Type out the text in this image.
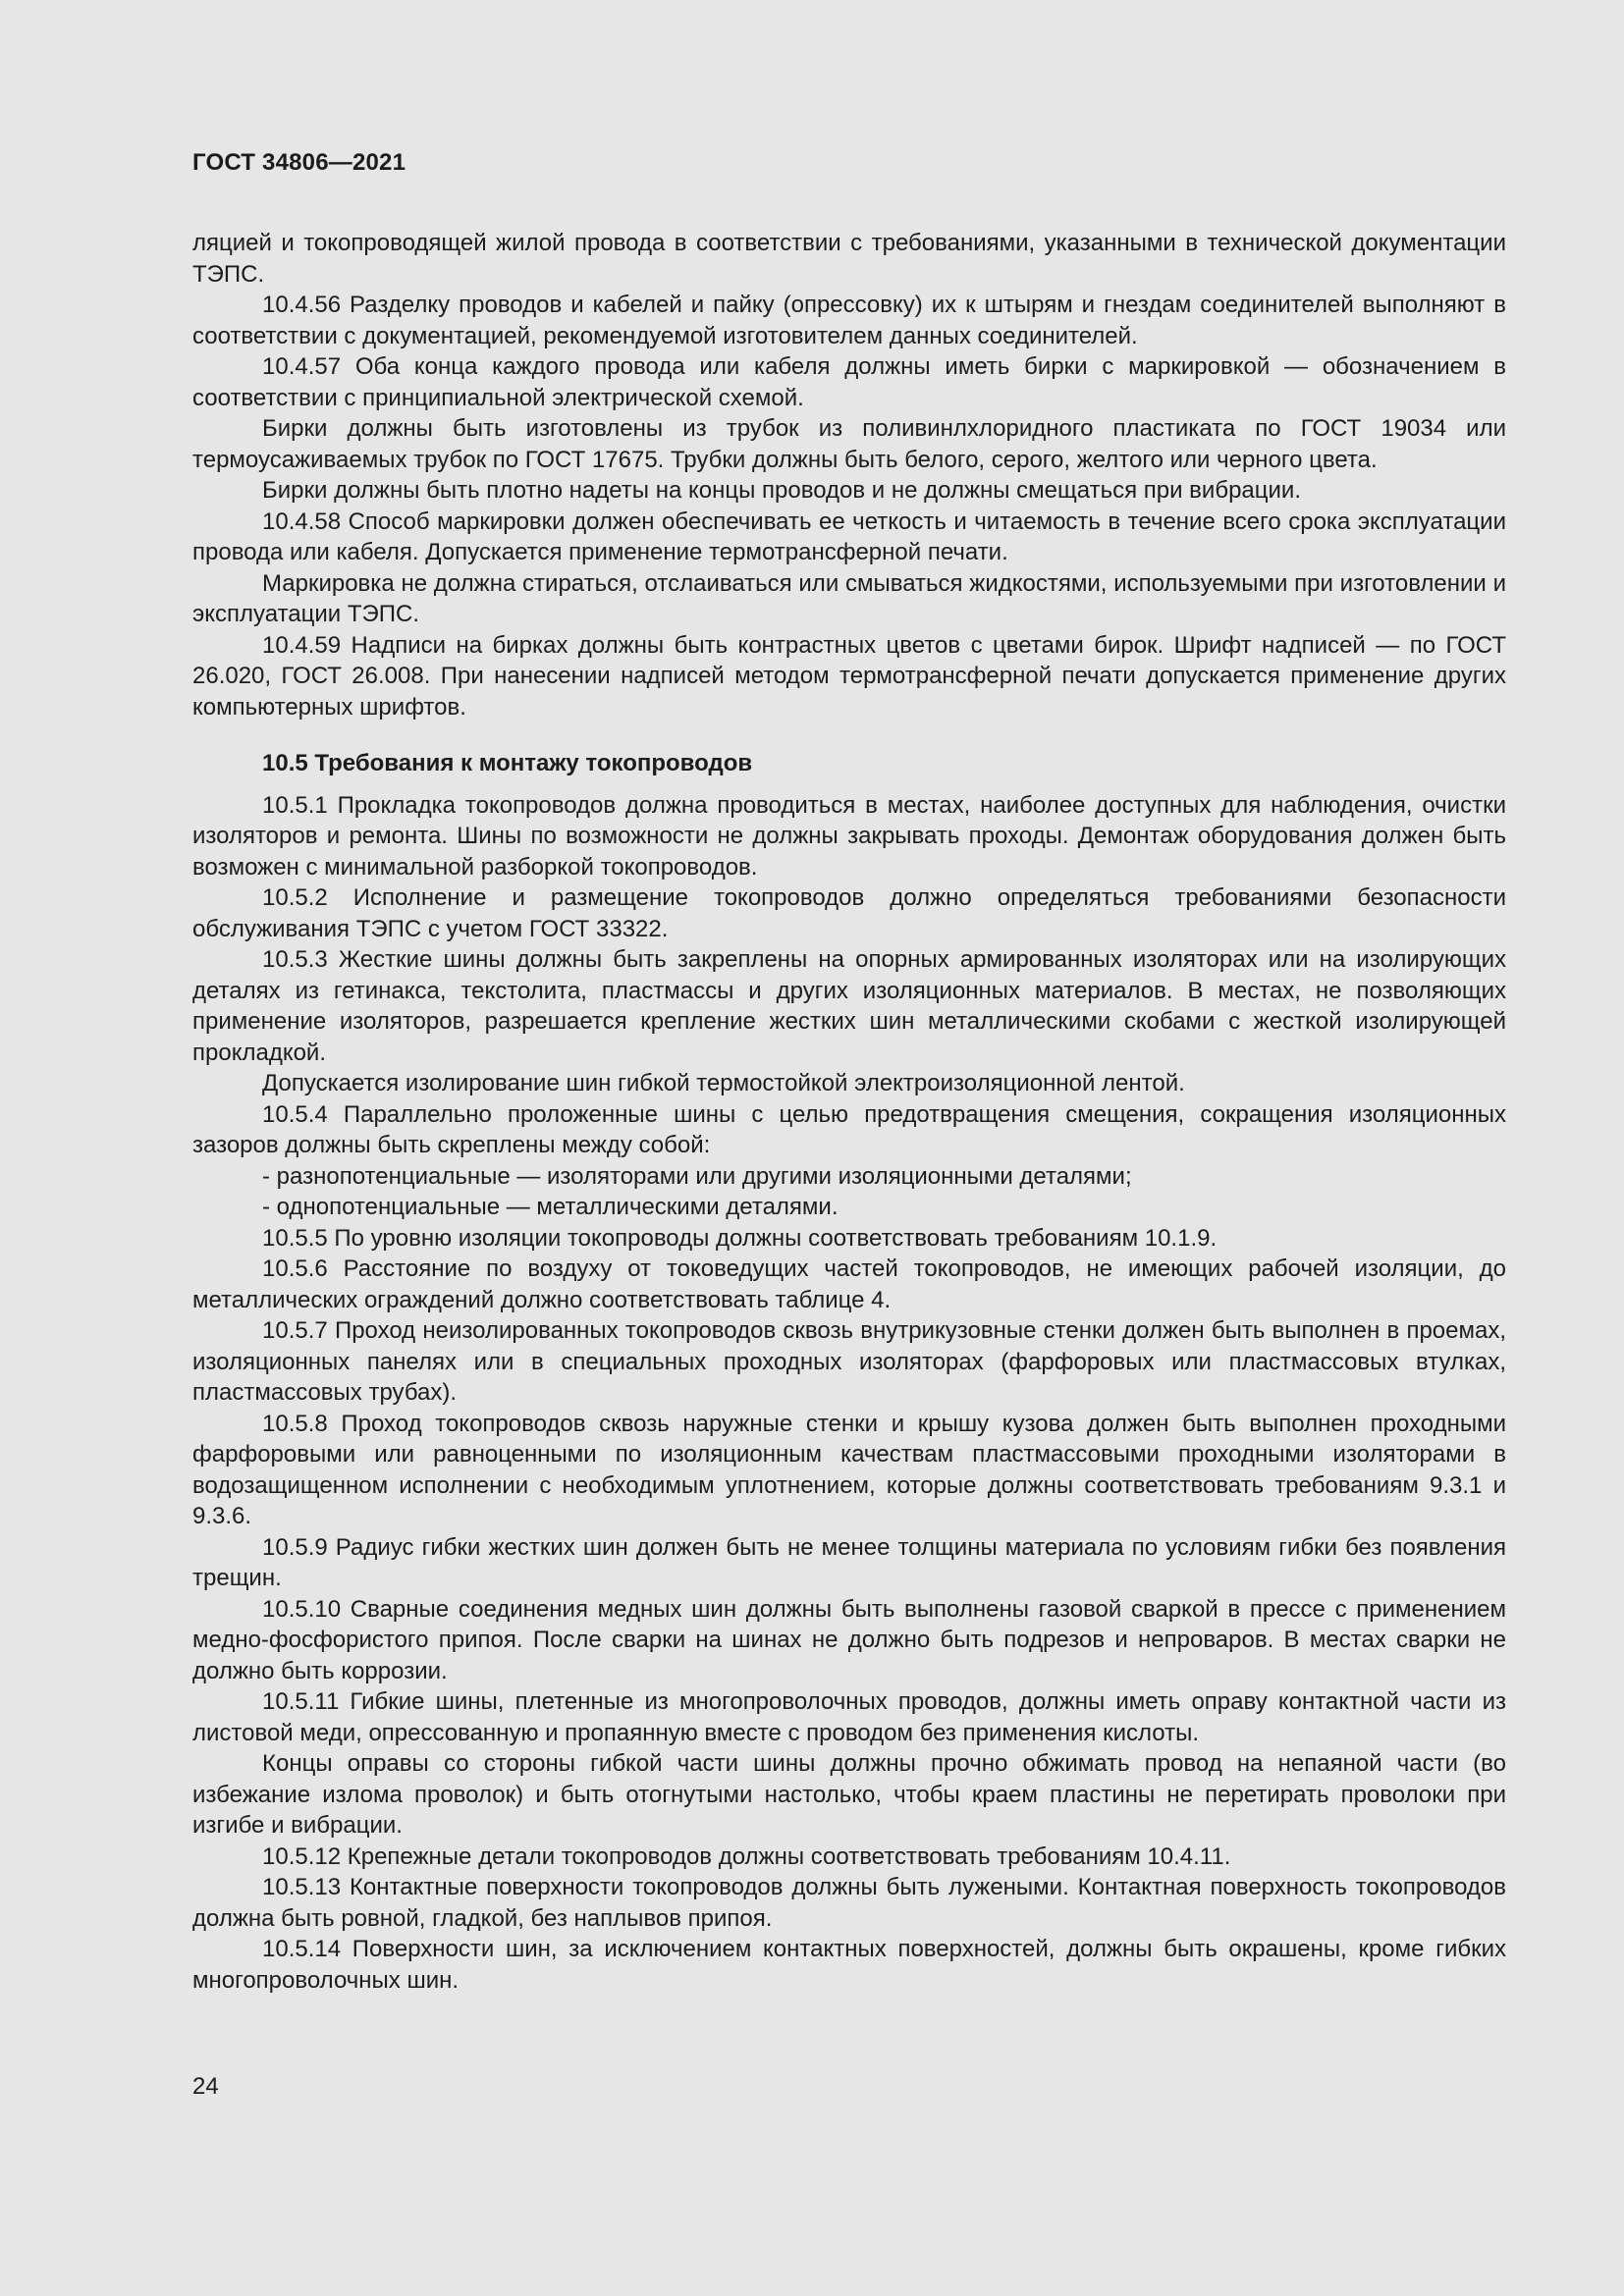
ГОСТ 34806—2021

ляцией и токопроводящей жилой провода в соответствии с требованиями, указанными в технической документации ТЭПС.

10.4.56 Разделку проводов и кабелей и пайку (опрессовку) их к штырям и гнездам соединителей выполняют в соответствии с документацией, рекомендуемой изготовителем данных соединителей.

10.4.57 Оба конца каждого провода или кабеля должны иметь бирки с маркировкой — обозначением в соответствии с принципиальной электрической схемой.

Бирки должны быть изготовлены из трубок из поливинлхлоридного пластиката по ГОСТ 19034 или термоусаживаемых трубок по ГОСТ 17675. Трубки должны быть белого, серого, желтого или черного цвета.

Бирки должны быть плотно надеты на концы проводов и не должны смещаться при вибрации.

10.4.58 Способ маркировки должен обеспечивать ее четкость и читаемость в течение всего срока эксплуатации провода или кабеля. Допускается применение термотрансферной печати.

Маркировка не должна стираться, отслаиваться или смываться жидкостями, используемыми при изготовлении и эксплуатации ТЭПС.

10.4.59 Надписи на бирках должны быть контрастных цветов с цветами бирок. Шрифт надписей — по ГОСТ 26.020, ГОСТ 26.008. При нанесении надписей методом термотрансферной печати допускается применение других компьютерных шрифтов.

10.5 Требования к монтажу токопроводов

10.5.1 Прокладка токопроводов должна проводиться в местах, наиболее доступных для наблюдения, очистки изоляторов и ремонта. Шины по возможности не должны закрывать проходы. Демонтаж оборудования должен быть возможен с минимальной разборкой токопроводов.

10.5.2 Исполнение и размещение токопроводов должно определяться требованиями безопасности обслуживания ТЭПС с учетом ГОСТ 33322.

10.5.3 Жесткие шины должны быть закреплены на опорных армированных изоляторах или на изолирующих деталях из гетинакса, текстолита, пластмассы и других изоляционных материалов. В местах, не позволяющих применение изоляторов, разрешается крепление жестких шин металлическими скобами с жесткой изолирующей прокладкой.

Допускается изолирование шин гибкой термостойкой электроизоляционной лентой.

10.5.4 Параллельно проложенные шины с целью предотвращения смещения, сокращения изоляционных зазоров должны быть скреплены между собой:

- разнопотенциальные — изоляторами или другими изоляционными деталями;

- однопотенциальные — металлическими деталями.

10.5.5 По уровню изоляции токопроводы должны соответствовать требованиям 10.1.9.

10.5.6 Расстояние по воздуху от токоведущих частей токопроводов, не имеющих рабочей изоляции, до металлических ограждений должно соответствовать таблице 4.

10.5.7 Проход неизолированных токопроводов сквозь внутрикузовные стенки должен быть выполнен в проемах, изоляционных панелях или в специальных проходных изоляторах (фарфоровых или пластмассовых втулках, пластмассовых трубах).

10.5.8 Проход токопроводов сквозь наружные стенки и крышу кузова должен быть выполнен проходными фарфоровыми или равноценными по изоляционным качествам пластмассовыми проходными изоляторами в водозащищенном исполнении с необходимым уплотнением, которые должны соответствовать требованиям 9.3.1 и 9.3.6.

10.5.9 Радиус гибки жестких шин должен быть не менее толщины материала по условиям гибки без появления трещин.

10.5.10 Сварные соединения медных шин должны быть выполнены газовой сваркой в прессе с применением медно-фосфористого припоя. После сварки на шинах не должно быть подрезов и непроваров. В местах сварки не должно быть коррозии.

10.5.11 Гибкие шины, плетенные из многопроволочных проводов, должны иметь оправу контактной части из листовой меди, опрессованную и пропаянную вместе с проводом без применения кислоты.

Концы оправы со стороны гибкой части шины должны прочно обжимать провод на непаяной части (во избежание излома проволок) и быть отогнутыми настолько, чтобы краем пластины не перетирать проволоки при изгибе и вибрации.

10.5.12 Крепежные детали токопроводов должны соответствовать требованиям 10.4.11.

10.5.13 Контактные поверхности токопроводов должны быть лужеными. Контактная поверхность токопроводов должна быть ровной, гладкой, без наплывов припоя.

10.5.14 Поверхности шин, за исключением контактных поверхностей, должны быть окрашены, кроме гибких многопроволочных шин.

24
